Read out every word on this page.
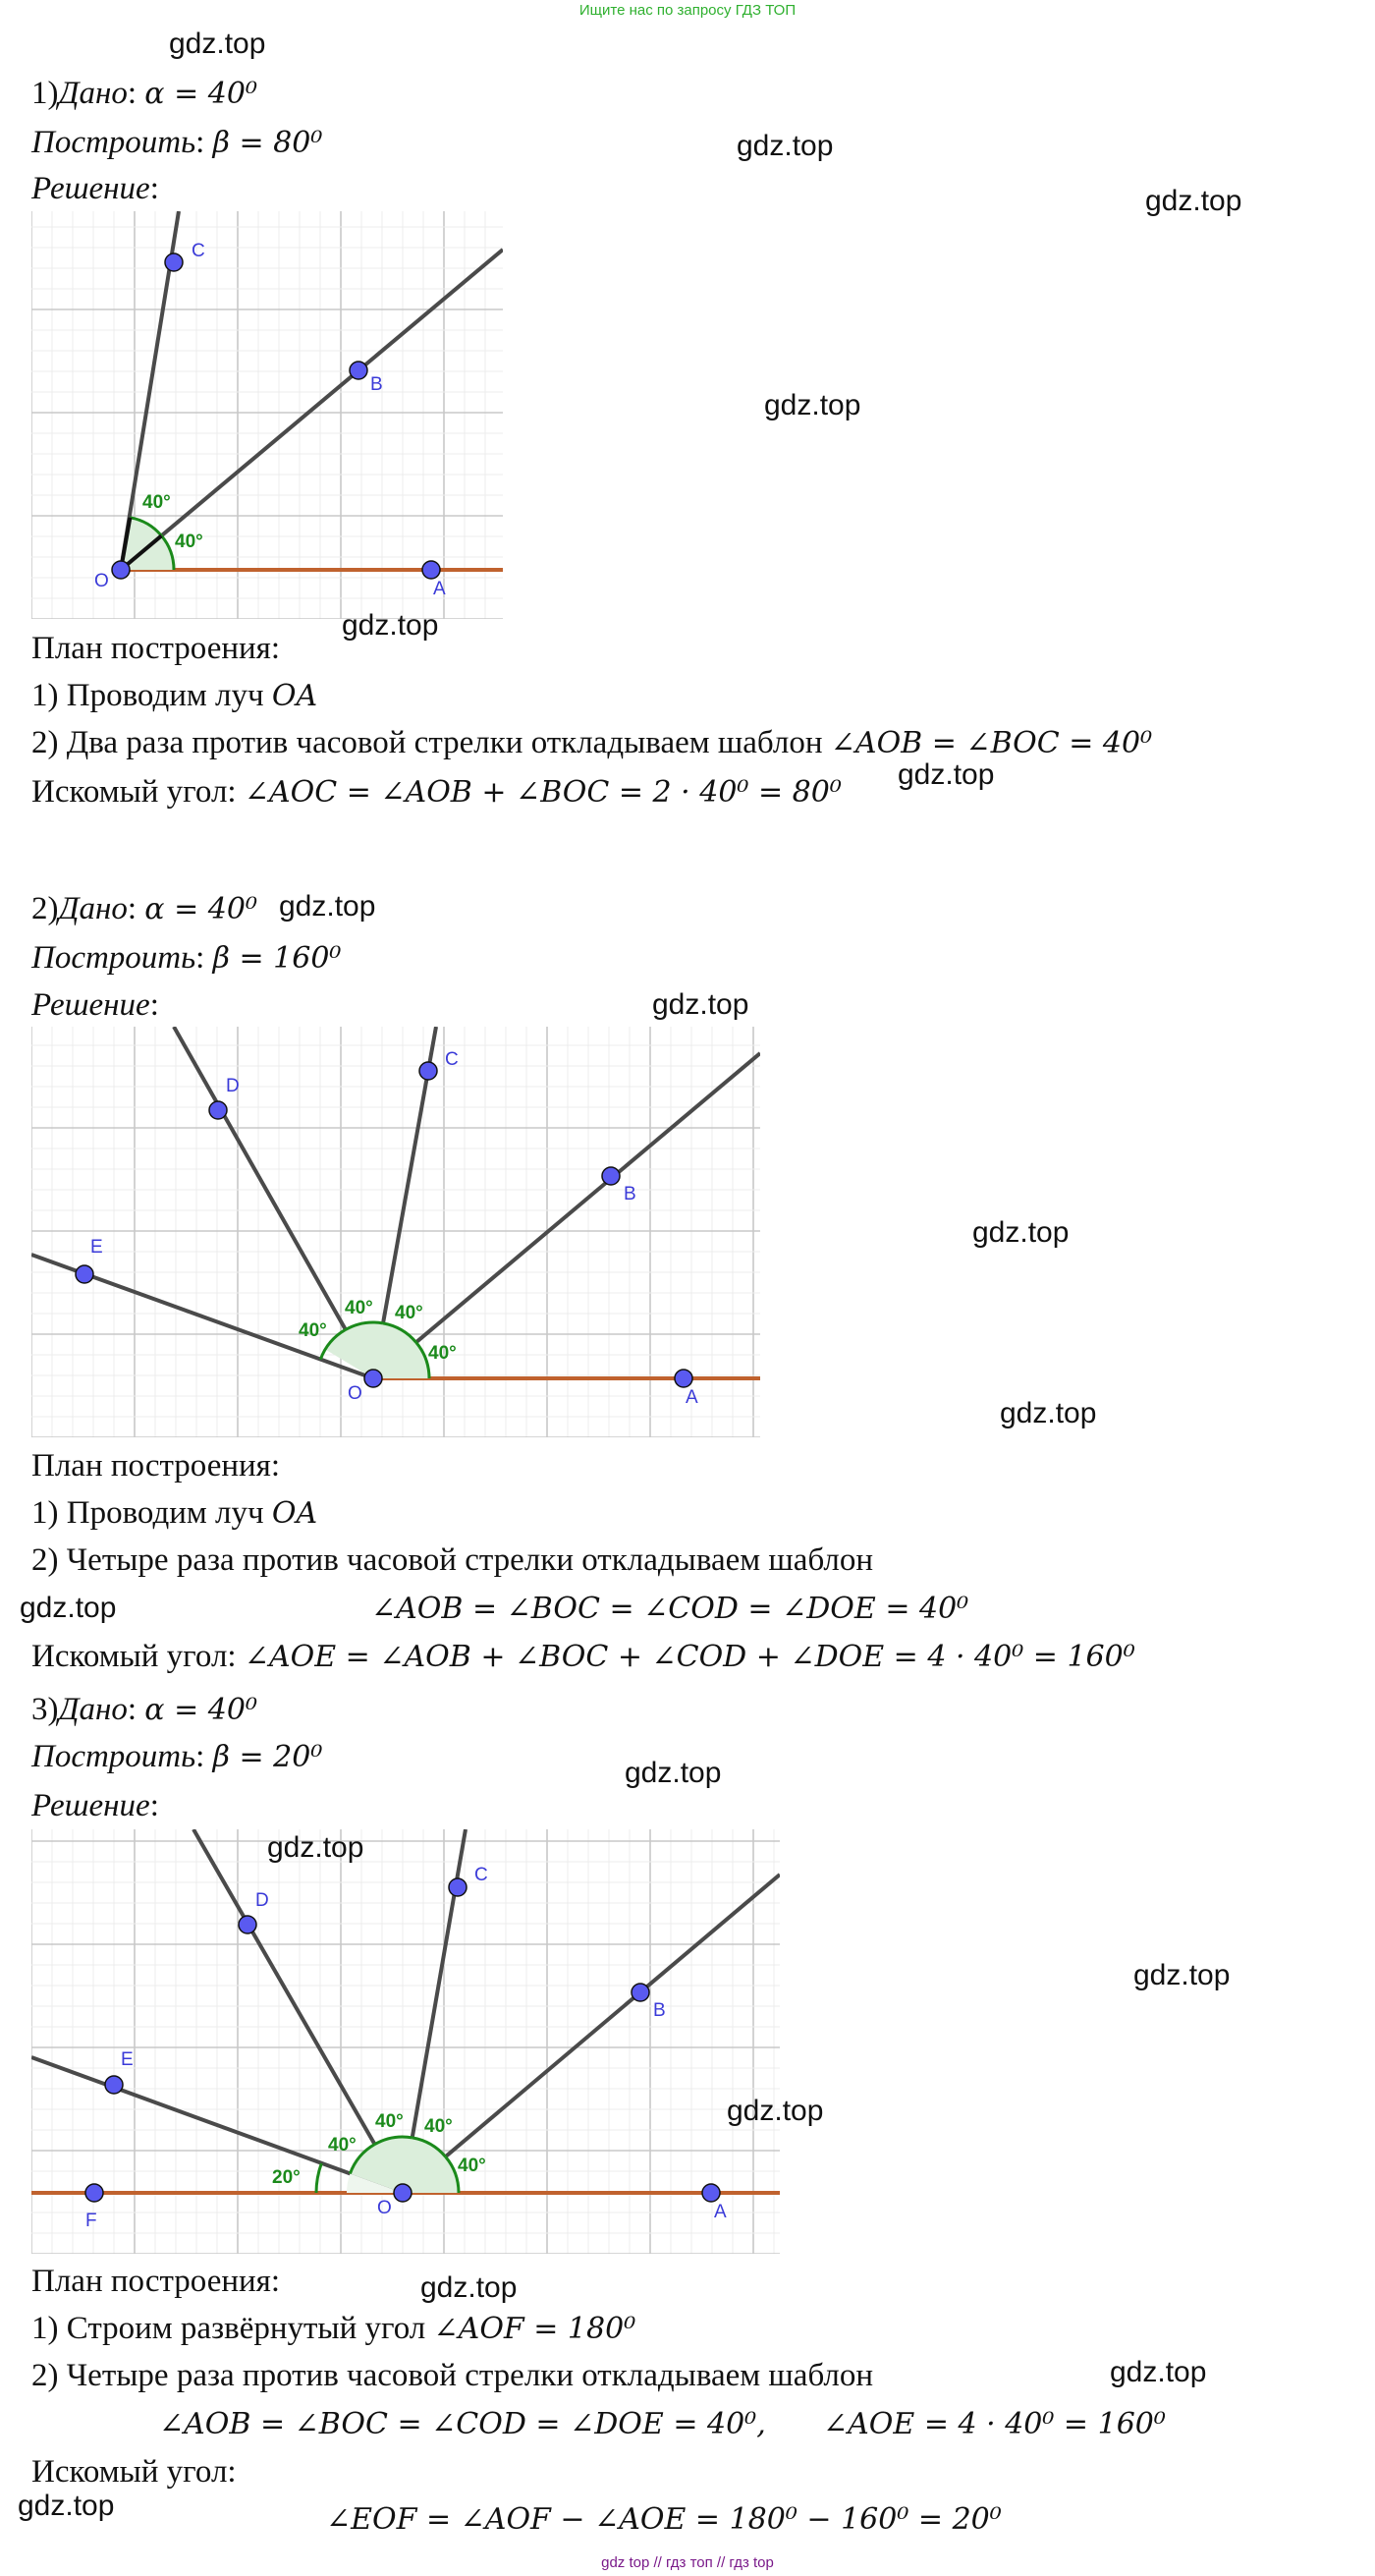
Ищите нас по запросу ГДЗ ТОП
1)Дано: α = 40⁰
Построить: β = 80⁰
Решение:
40°
40°
O	A
B
C
План построения:
1) Проводим луч OA
2) Два раза против часовой стрелки откладываем шаблон ∠AOB = ∠BOC = 40⁰
Искомый угол: ∠AOC = ∠AOB + ∠BOC = 2 · 40⁰ = 80⁰
2)Дано: α = 40⁰
Построить: β = 160⁰
Решение:
40°
40°
40°
40°
O	A
B
C
D
E
План построения:
1) Проводим луч OA
2) Четыре раза против часовой стрелки откладываем шаблон
∠AOB = ∠BOC = ∠COD = ∠DOE = 40⁰
Искомый угол: ∠AOE = ∠AOB + ∠BOC + ∠COD + ∠DOE = 4 · 40⁰ = 160⁰
3)Дано: α = 40⁰
Построить: β = 20⁰
Решение:
40°
40°
40°
40°
20°
O	A
B
C
D
E
F
План построения:
1) Строим развёрнутый угол ∠AOF = 180⁰
2) Четыре раза против часовой стрелки откладываем шаблон
∠AOB = ∠BOC = ∠COD = ∠DOE = 40⁰, ∠AOE = 4 · 40⁰ = 160⁰
Искомый угол:
∠EOF = ∠AOF − ∠AOE = 180⁰ − 160⁰ = 20⁰
gdz.top
gdz.top
gdz.top
gdz.top
gdz.top
gdz.top
gdz.top
gdz.top
gdz.top
gdz.top
gdz.top
gdz.top
gdz.top
gdz.top
gdz.top
gdz.top
gdz.top
gdz.top
gdz top // гдз топ // гдз top
